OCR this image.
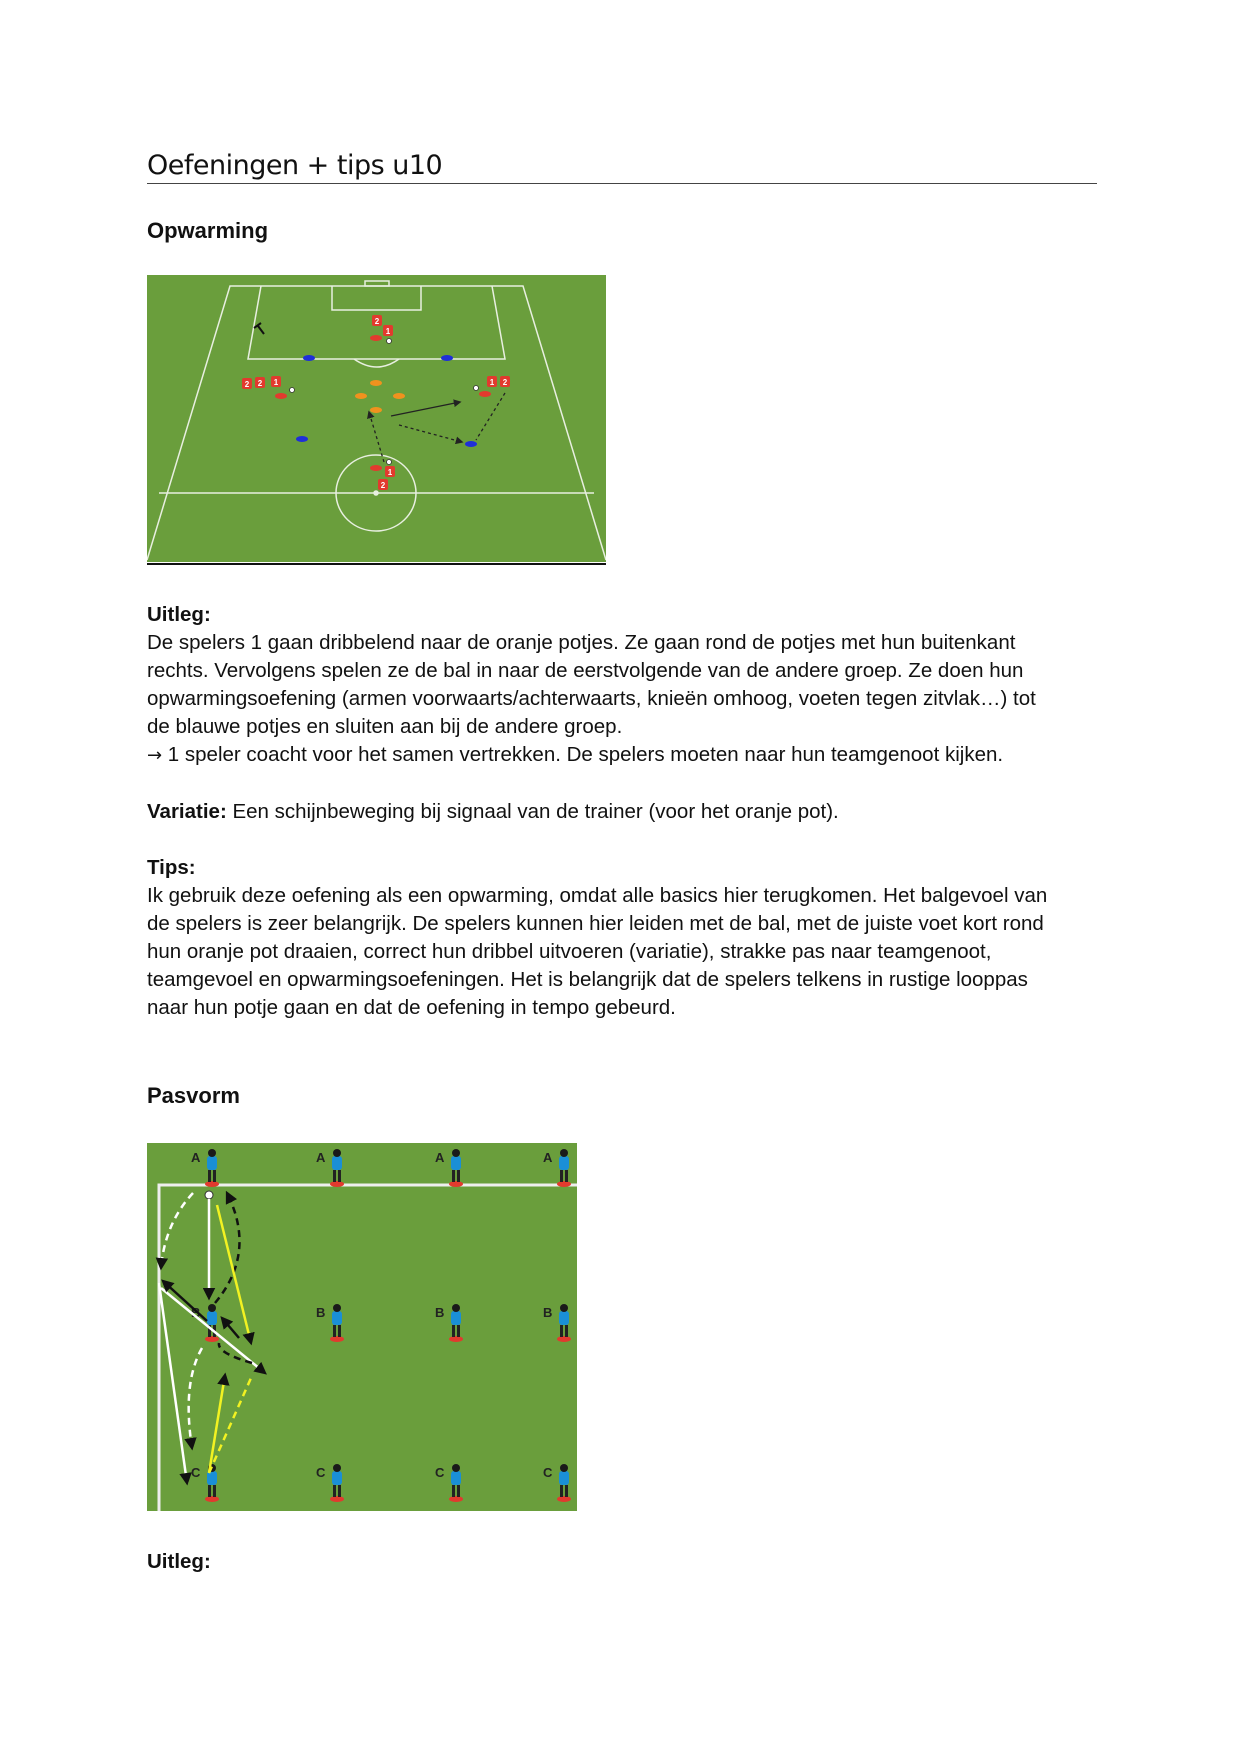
Oefeningen + tips u10
Opwarming
2
1
2 2 1	1 2
1
2

Uitleg:

De spelers 1 gaan dribbelend naar de oranje potjes. Ze gaan rond de potjes met hun buitenkant

rechts. Vervolgens spelen ze de bal in naar de eerstvolgende van de andere groep. Ze doen hun

opwarmingsoefening (armen voorwaarts/achterwaarts, knieën omhoog, voeten tegen zitvlak…) tot

de blauwe potjes en sluiten aan bij de andere groep.

→ 1 speler coacht voor het samen vertrekken. De spelers moeten naar hun teamgenoot kijken.

Variatie: Een schijnbeweging bij signaal van de trainer (voor het oranje pot).

Tips:

Ik gebruik deze oefening als een opwarming, omdat alle basics hier terugkomen. Het balgevoel van

de spelers is zeer belangrijk. De spelers kunnen hier leiden met de bal, met de juiste voet kort rond

hun oranje pot draaien, correct hun dribbel uitvoeren (variatie), strakke pas naar teamgenoot,

teamgevoel en opwarmingsoefeningen. Het is belangrijk dat de spelers telkens in rustige looppas

naar hun potje gaan en dat de oefening in tempo gebeurd.

Pasvorm
A	A	A	A
B	B	B	B
C	C	C	C

Uitleg:
